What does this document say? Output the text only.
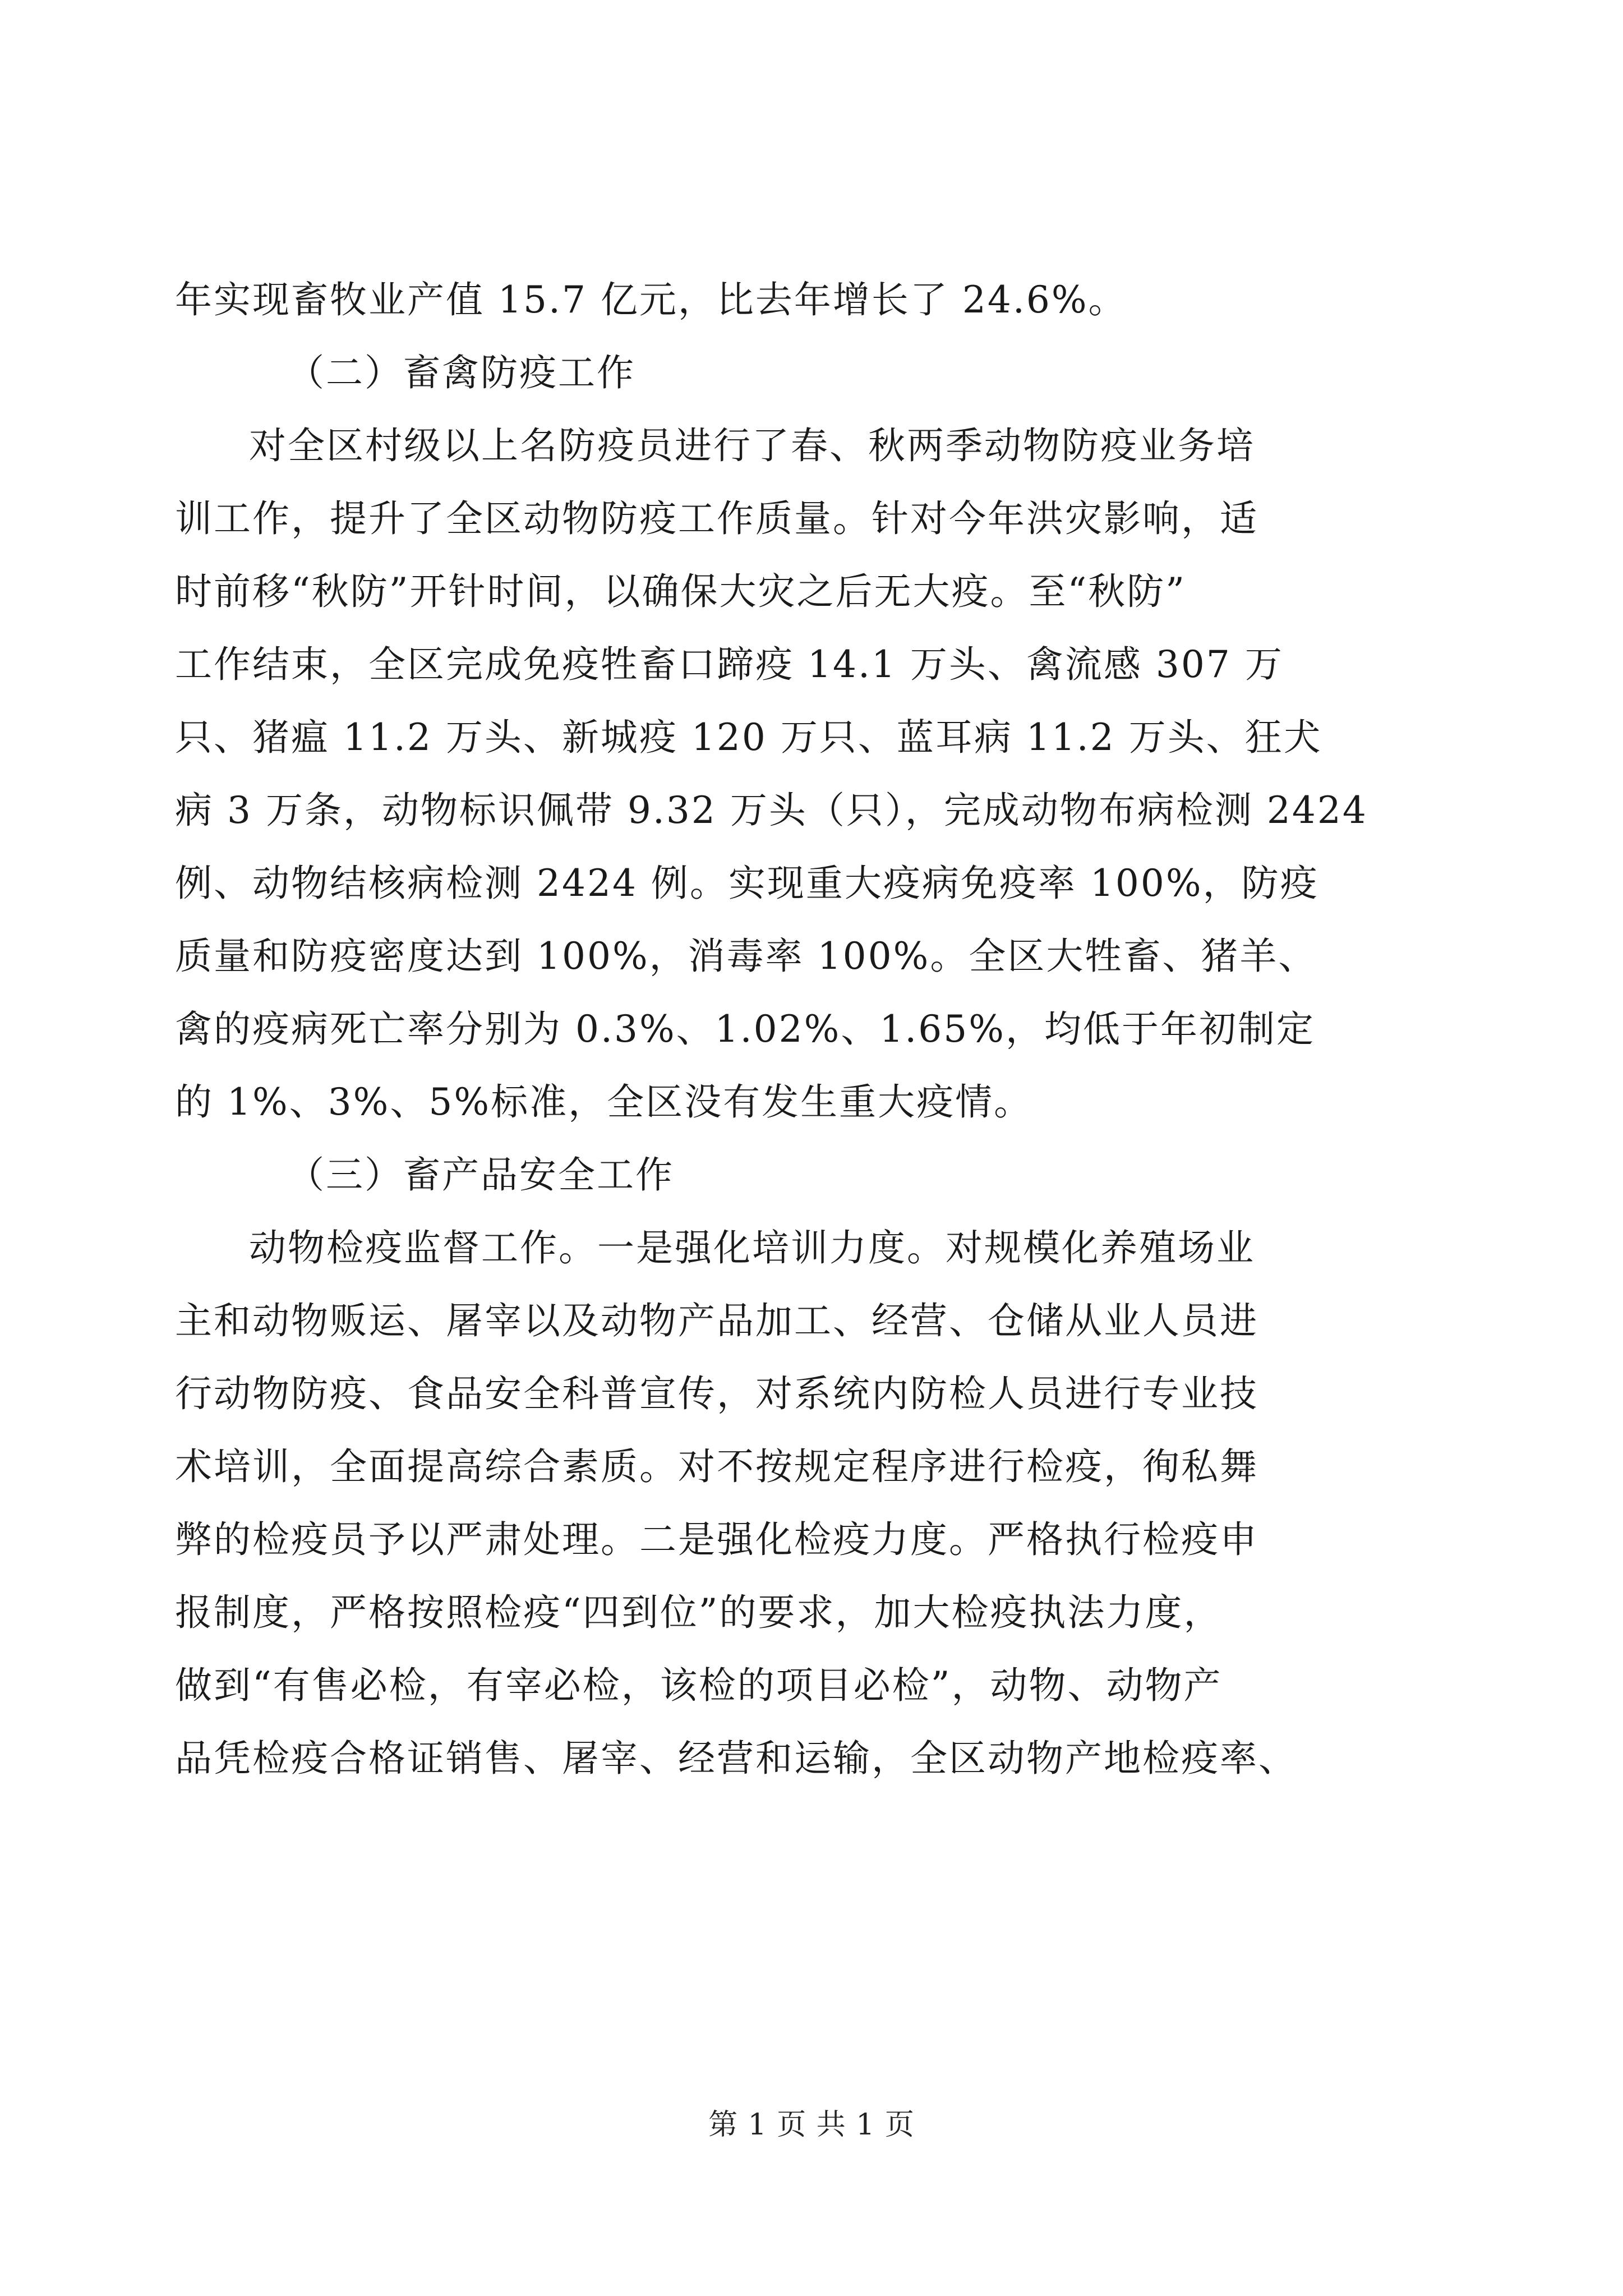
年实现畜牧业产值 15.7 亿元，比去年增长了 24.6%。
（二）畜禽防疫工作
对全区村级以上名防疫员进行了春、秋两季动物防疫业务培
训工作，提升了全区动物防疫工作质量。针对今年洪灾影响，适
时前移“秋防”开针时间，以确保大灾之后无大疫。至“秋防”
工作结束，全区完成免疫牲畜口蹄疫 14.1 万头、禽流感 307 万
只、猪瘟 11.2 万头、新城疫 120 万只、蓝耳病 11.2 万头、狂犬
病 3 万条，动物标识佩带 9.32 万头（只），完成动物布病检测 2424
例、动物结核病检测 2424 例。实现重大疫病免疫率 100%，防疫
质量和防疫密度达到 100%，消毒率 100%。全区大牲畜、猪羊、
禽的疫病死亡率分别为 0.3%、1.02%、1.65%，均低于年初制定
的 1%、3%、5%标准，全区没有发生重大疫情。
（三）畜产品安全工作
动物检疫监督工作。一是强化培训力度。对规模化养殖场业
主和动物贩运、屠宰以及动物产品加工、经营、仓储从业人员进
行动物防疫、食品安全科普宣传，对系统内防检人员进行专业技
术培训，全面提高综合素质。对不按规定程序进行检疫，徇私舞
弊的检疫员予以严肃处理。二是强化检疫力度。严格执行检疫申
报制度，严格按照检疫“四到位”的要求，加大检疫执法力度，
做到“有售必检，有宰必检，该检的项目必检”，动物、动物产
品凭检疫合格证销售、屠宰、经营和运输，全区动物产地检疫率、
第 1 页 共 1 页
